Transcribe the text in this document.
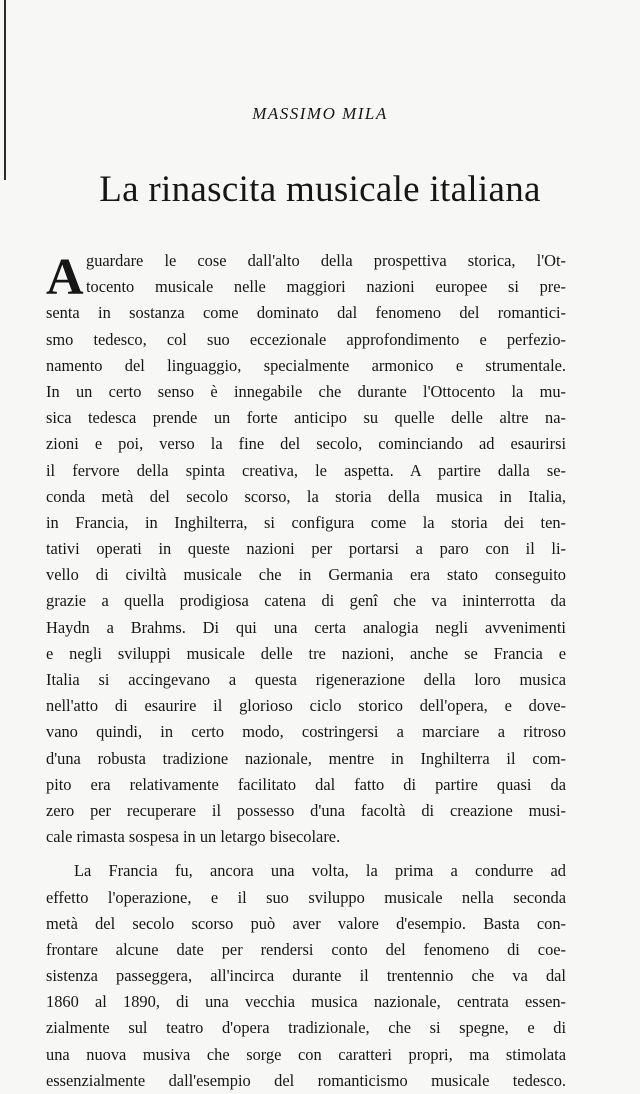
MASSIMO MILA
La rinascita musicale italiana
A guardare le cose dall'alto della prospettiva storica, l'Ot-
tocento musicale nelle maggiori nazioni europee si pre-
senta in sostanza come dominato dal fenomeno del romantici-
smo tedesco, col suo eccezionale approfondimento e perfezio-
namento del linguaggio, specialmente armonico e strumentale.
In un certo senso è innegabile che durante l'Ottocento la mu-
sica tedesca prende un forte anticipo su quelle delle altre na-
zioni e poi, verso la fine del secolo, cominciando ad esaurirsi
il fervore della spinta creativa, le aspetta. A partire dalla se-
conda metà del secolo scorso, la storia della musica in Italia,
in Francia, in Inghilterra, si configura come la storia dei ten-
tativi operati in queste nazioni per portarsi a paro con il li-
vello di civiltà musicale che in Germania era stato conseguito
grazie a quella prodigiosa catena di genî che va ininterrotta da
Haydn a Brahms. Di qui una certa analogia negli avvenimenti
e negli sviluppi musicale delle tre nazioni, anche se Francia e
Italia si accingevano a questa rigenerazione della loro musica
nell'atto di esaurire il glorioso ciclo storico dell'opera, e dove-
vano quindi, in certo modo, costringersi a marciare a ritroso
d'una robusta tradizione nazionale, mentre in Inghilterra il com-
pito era relativamente facilitato dal fatto di partire quasi da
zero per recuperare il possesso d'una facoltà di creazione musi-
cale rimasta sospesa in un letargo bisecolare.
La Francia fu, ancora una volta, la prima a condurre ad
effetto l'operazione, e il suo sviluppo musicale nella seconda
metà del secolo scorso può aver valore d'esempio. Basta con-
frontare alcune date per rendersi conto del fenomeno di coe-
sistenza passeggera, all'incirca durante il trentennio che va dal
1860 al 1890, di una vecchia musica nazionale, centrata essen-
zialmente sul teatro d'opera tradizionale, che si spegne, e di
una nuova musiva che sorge con caratteri propri, ma stimolata
essenzialmente dall'esempio del romanticismo musicale tedesco.
